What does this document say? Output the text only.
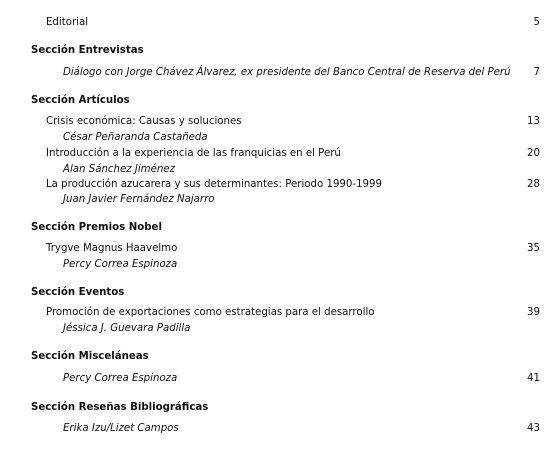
Editorial	5
Sección Entrevistas
Diálogo con Jorge Chávez Álvarez, ex presidente del Banco Central de Reserva del Perú 7
Sección Artículos
Crisis económica: Causas y soluciones	13
César Peñaranda Castañeda
Introducción a la experiencia de las franquicias en el Perú	20
Alan Sánchez Jiménez
La producción azucarera y sus determinantes: Periodo 1990-1999	28
Juan Javier Fernández Najarro
Sección Premios Nobel
Trygve Magnus Haavelmo	35
Percy Correa Espinoza
Sección Eventos
Promoción de exportaciones como estrategias para el desarrollo	39
Jéssica J. Guevara Padilla
Sección Misceláneas
Percy Correa Espinoza	41
Sección Reseñas Bibliográficas
Erika Izu/Lizet Campos	43
